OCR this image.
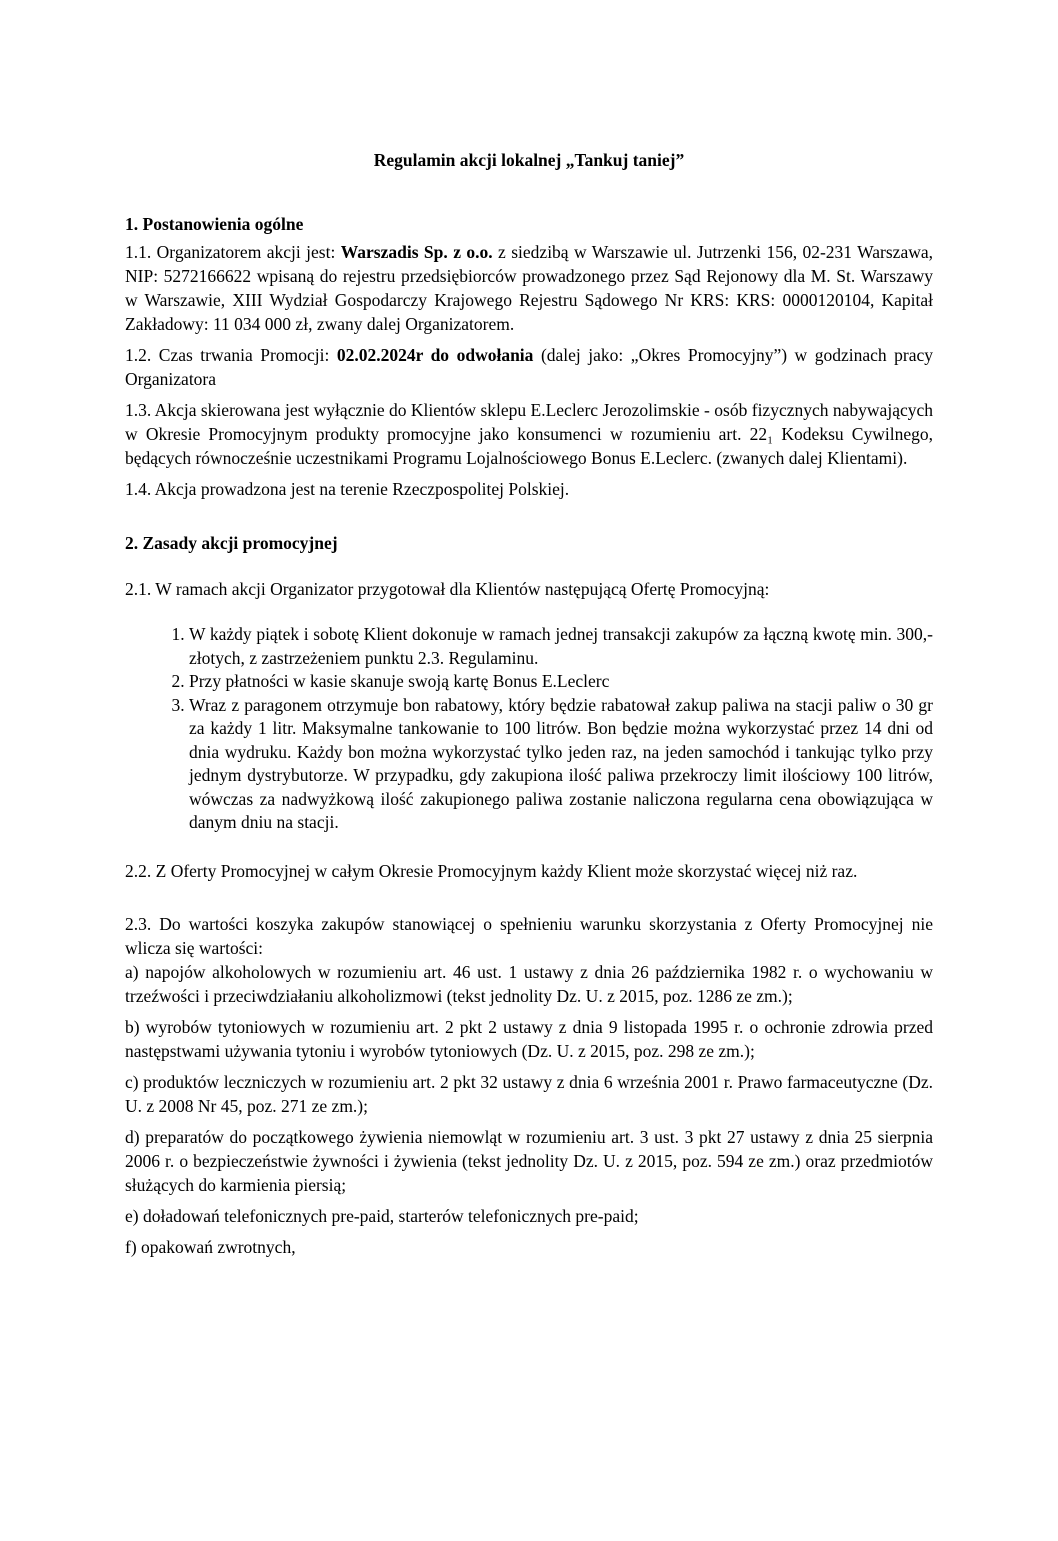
Regulamin akcji lokalnej „Tankuj taniej”
1. Postanowienia ogólne

1.1. Organizatorem akcji jest: Warszadis Sp. z o.o. z siedzibą w Warszawie ul. Jutrzenki 156, 02-231 Warszawa, NIP: 5272166622 wpisaną do rejestru przedsiębiorców prowadzonego przez Sąd Rejonowy dla M. St. Warszawy w Warszawie, XIII Wydział Gospodarczy Krajowego Rejestru Sądowego Nr KRS: KRS: 0000120104, Kapitał Zakładowy: 11 034 000 zł, zwany dalej Organizatorem.

1.2. Czas trwania Promocji: 02.02.2024r do odwołania (dalej jako: „Okres Promocyjny”) w godzinach pracy Organizatora

1.3. Akcja skierowana jest wyłącznie do Klientów sklepu E.Leclerc Jerozolimskie - osób fizycznych nabywających w Okresie Promocyjnym produkty promocyjne jako konsumenci w rozumieniu art. 22₁ Kodeksu Cywilnego, będących równocześnie uczestnikami Programu Lojalnościowego Bonus E.Leclerc. (zwanych dalej Klientami).

1.4. Akcja prowadzona jest na terenie Rzeczpospolitej Polskiej.

2. Zasady akcji promocyjnej

2.1. W ramach akcji Organizator przygotował dla Klientów następującą Ofertę Promocyjną:

1. W każdy piątek i sobotę Klient dokonuje w ramach jednej transakcji zakupów za łączną kwotę min. 300,- złotych, z zastrzeżeniem punktu 2.3. Regulaminu.
2. Przy płatności w kasie skanuje swoją kartę Bonus E.Leclerc
3. Wraz z paragonem otrzymuje bon rabatowy, który będzie rabatował zakup paliwa na stacji paliw o 30 gr za każdy 1 litr. Maksymalne tankowanie to 100 litrów. Bon będzie można wykorzystać przez 14 dni od dnia wydruku. Każdy bon można wykorzystać tylko jeden raz, na jeden samochód i tankując tylko przy jednym dystrybutorze. W przypadku, gdy zakupiona ilość paliwa przekroczy limit ilościowy 100 litrów, wówczas za nadwyżkową ilość zakupionego paliwa zostanie naliczona regularna cena obowiązująca w danym dniu na stacji.

2.2. Z Oferty Promocyjnej w całym Okresie Promocyjnym każdy Klient może skorzystać więcej niż raz.

2.3. Do wartości koszyka zakupów stanowiącej o spełnieniu warunku skorzystania z Oferty Promocyjnej nie wlicza się wartości:

a) napojów alkoholowych w rozumieniu art. 46 ust. 1 ustawy z dnia 26 października 1982 r. o wychowaniu w trzeźwości i przeciwdziałaniu alkoholizmowi (tekst jednolity Dz. U. z 2015, poz. 1286 ze zm.);

b) wyrobów tytoniowych w rozumieniu art. 2 pkt 2 ustawy z dnia 9 listopada 1995 r. o ochronie zdrowia przed następstwami używania tytoniu i wyrobów tytoniowych (Dz. U. z 2015, poz. 298 ze zm.);

c) produktów leczniczych w rozumieniu art. 2 pkt 32 ustawy z dnia 6 września 2001 r. Prawo farmaceutyczne (Dz. U. z 2008 Nr 45, poz. 271 ze zm.);

d) preparatów do początkowego żywienia niemowląt w rozumieniu art. 3 ust. 3 pkt 27 ustawy z dnia 25 sierpnia 2006 r. o bezpieczeństwie żywności i żywienia (tekst jednolity Dz. U. z 2015, poz. 594 ze zm.) oraz przedmiotów służących do karmienia piersią;

e) doładowań telefonicznych pre-paid, starterów telefonicznych pre-paid;

f) opakowań zwrotnych,
